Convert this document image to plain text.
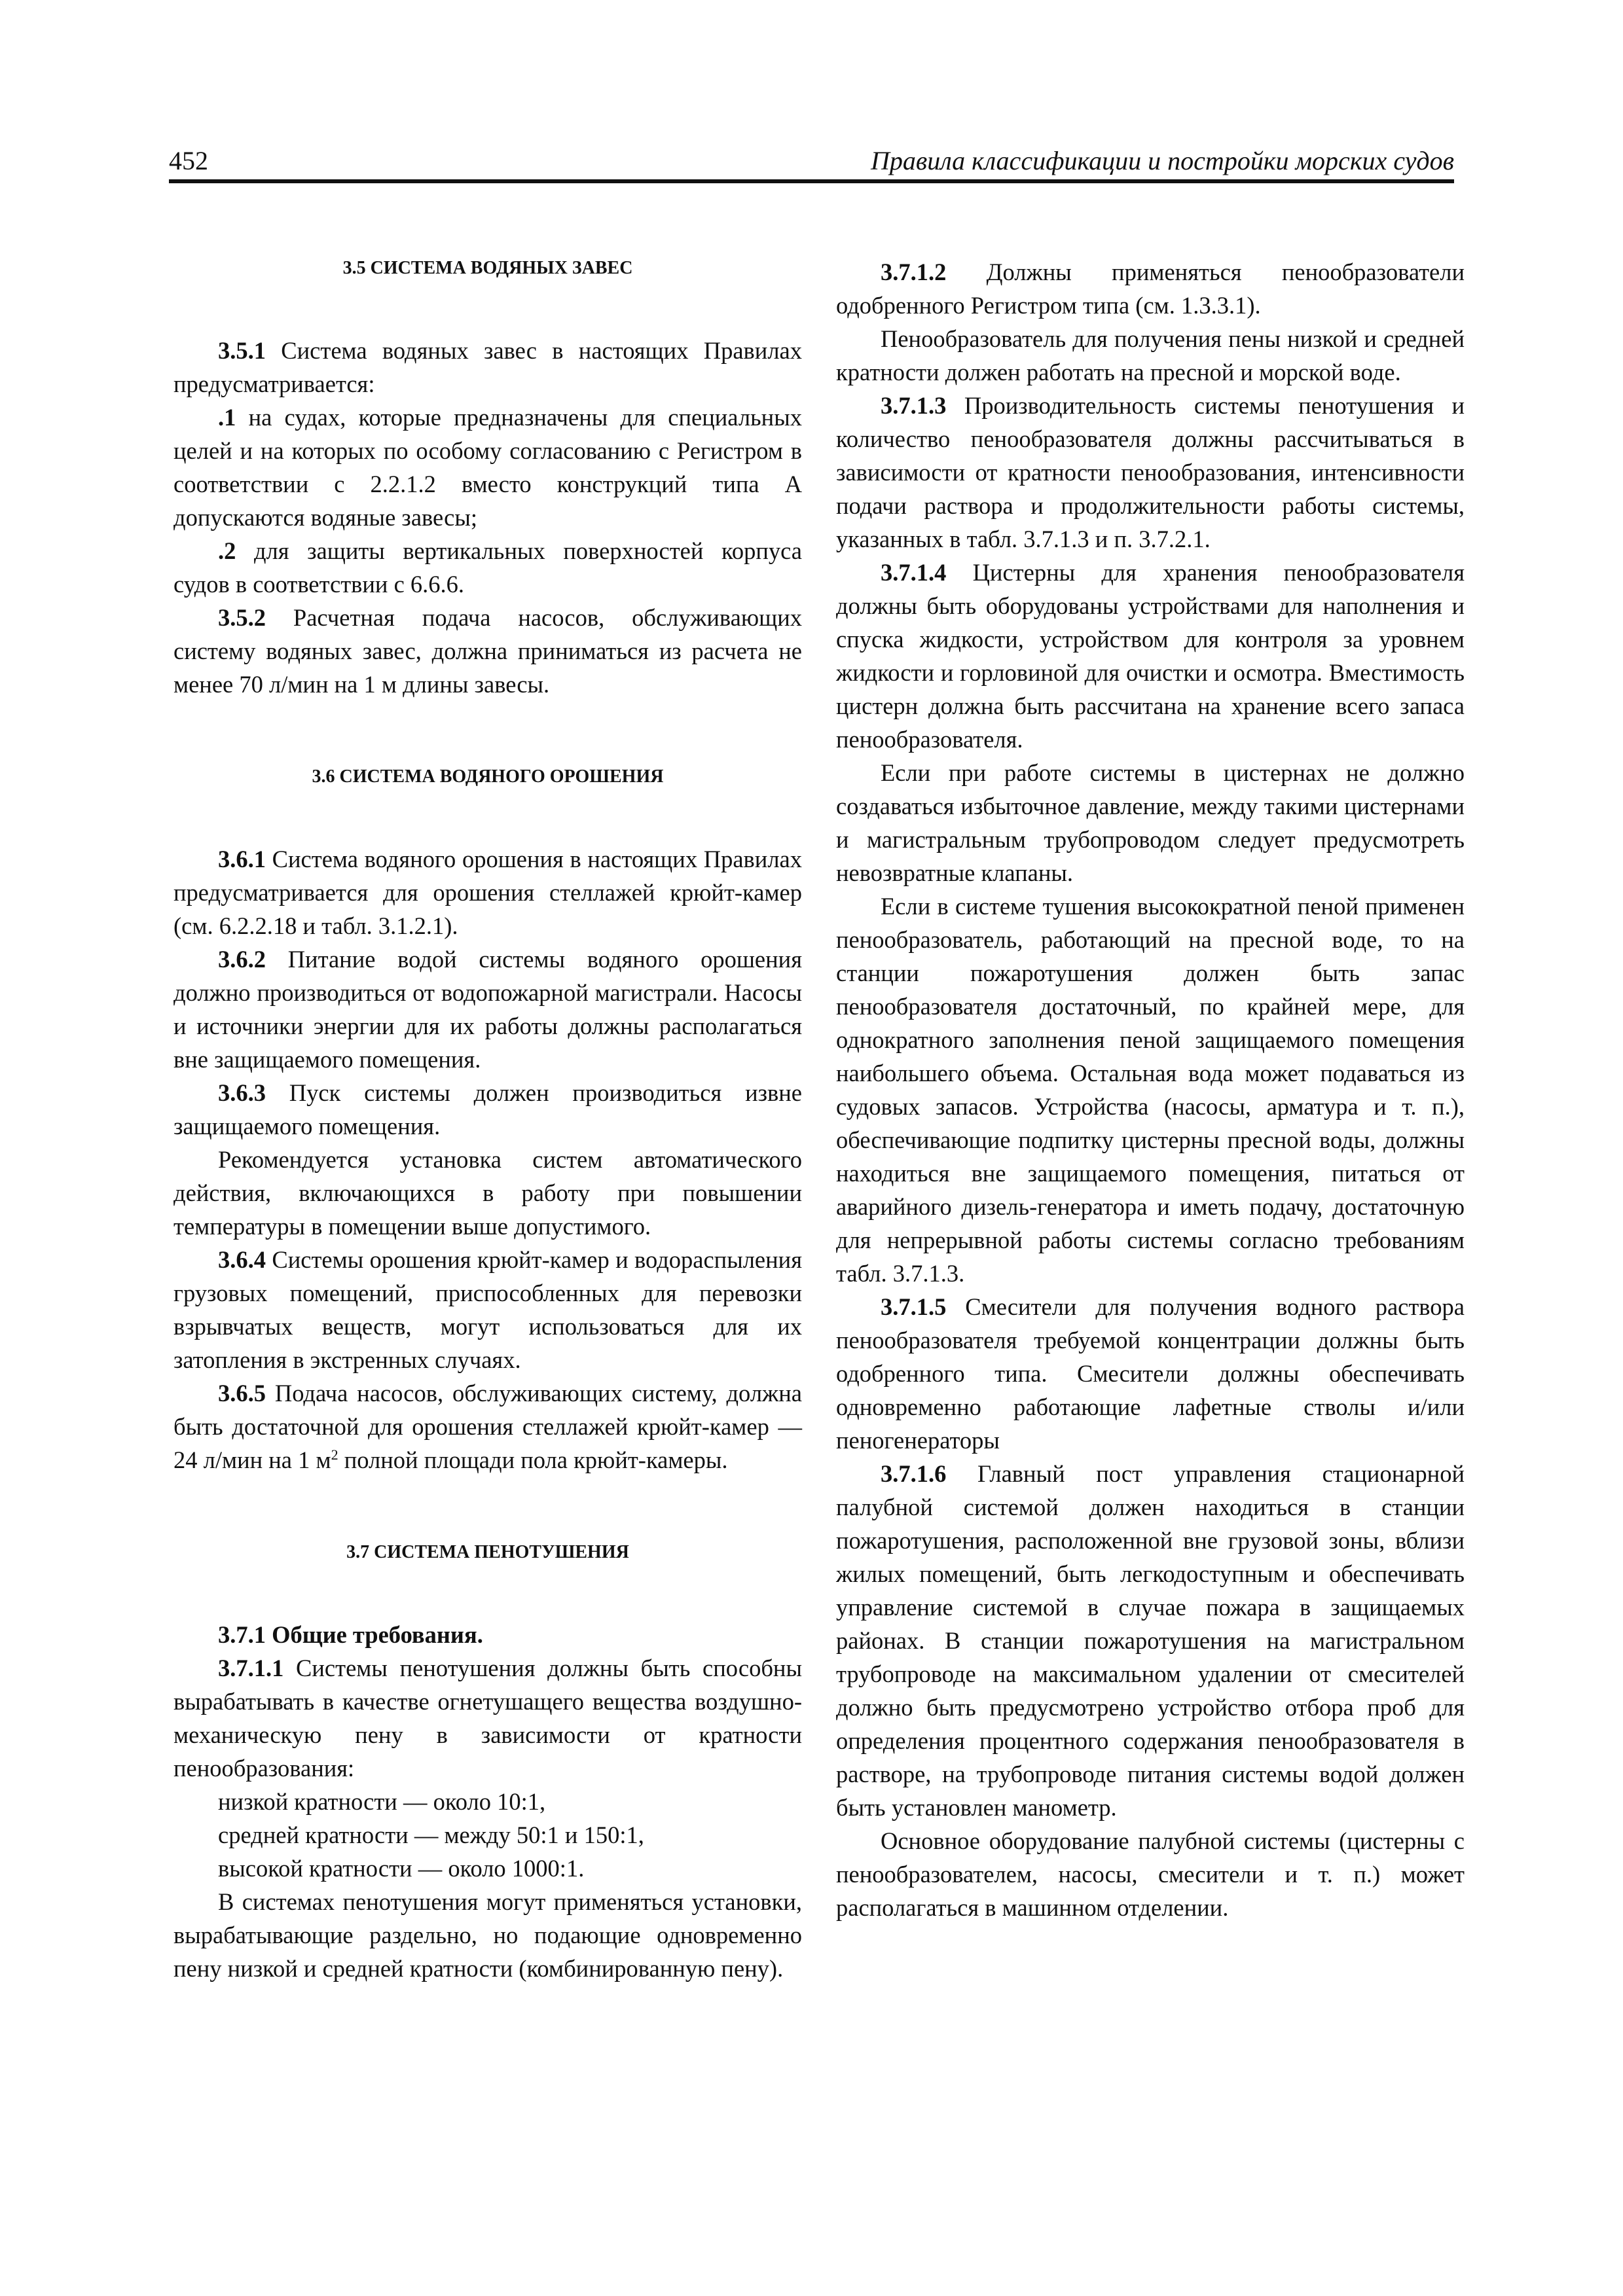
452	Правила классификации и постройки морских судов
3.5 СИСТЕМА ВОДЯНЫХ ЗАВЕС

3.5.1 Система водяных завес в настоящих Правилах предусматривается:

.1 на судах, которые предназначены для специальных целей и на которых по особому согласованию с Регистром в соответствии с 2.2.1.2 вместо конструкций типа А допускаются водяные завесы;

.2 для защиты вертикальных поверхностей корпуса судов в соответствии с 6.6.6.

3.5.2 Расчетная подача насосов, обслуживающих систему водяных завес, должна приниматься из расчета не менее 70 л/мин на 1 м длины завесы.

3.6 СИСТЕМА ВОДЯНОГО ОРОШЕНИЯ

3.6.1 Система водяного орошения в настоящих Правилах предусматривается для орошения стеллажей крюйт-камер (см. 6.2.2.18 и табл. 3.1.2.1).

3.6.2 Питание водой системы водяного орошения должно производиться от водопожарной магистрали. Насосы и источники энергии для их работы должны располагаться вне защищаемого помещения.

3.6.3 Пуск системы должен производиться извне защищаемого помещения.

Рекомендуется установка систем автоматического действия, включающихся в работу при повышении температуры в помещении выше допустимого.

3.6.4 Системы орошения крюйт-камер и водораспыления грузовых помещений, приспособленных для перевозки взрывчатых веществ, могут использоваться для их затопления в экстренных случаях.

3.6.5 Подача насосов, обслуживающих систему, должна быть достаточной для орошения стеллажей крюйт-камер — 24 л/мин на 1 $м^2$ полной площади пола крюйт-камеры.

3.7 СИСТЕМА ПЕНОТУШЕНИЯ

3.7.1 Общие требования.

3.7.1.1 Системы пенотушения должны быть способны вырабатывать в качестве огнетушащего вещества воздушно-механическую пену в зависимости от кратности пенообразования:

низкой кратности — около 10:1,

средней кратности — между 50:1 и 150:1,

высокой кратности — около 1000:1.

В системах пенотушения могут применяться установки, вырабатывающие раздельно, но подающие одновременно пену низкой и средней кратности (комбинированную пену).

3.7.1.2 Должны применяться пенообразователи одобренного Регистром типа (см. 1.3.3.1).

Пенообразователь для получения пены низкой и средней кратности должен работать на пресной и морской воде.

3.7.1.3 Производительность системы пенотушения и количество пенообразователя должны рассчитываться в зависимости от кратности пенообразования, интенсивности подачи раствора и продолжительности работы системы, указанных в табл. 3.7.1.3 и п. 3.7.2.1.

3.7.1.4 Цистерны для хранения пенообразователя должны быть оборудованы устройствами для наполнения и спуска жидкости, устройством для контроля за уровнем жидкости и горловиной для очистки и осмотра. Вместимость цистерн должна быть рассчитана на хранение всего запаса пенообразователя.

Если при работе системы в цистернах не должно создаваться избыточное давление, между такими цистернами и магистральным трубопроводом следует предусмотреть невозвратные клапаны.

Если в системе тушения высокократной пеной применен пенообразователь, работающий на пресной воде, то на станции пожаротушения должен быть запас пенообразователя достаточный, по крайней мере, для однократного заполнения пеной защищаемого помещения наибольшего объема. Остальная вода может подаваться из судовых запасов. Устройства (насосы, арматура и т. п.), обеспечивающие подпитку цистерны пресной воды, должны находиться вне защищаемого помещения, питаться от аварийного дизель-генератора и иметь подачу, достаточную для непрерывной работы системы согласно требованиям табл. 3.7.1.3.

3.7.1.5 Смесители для получения водного раствора пенообразователя требуемой концентрации должны быть одобренного типа. Смесители должны обеспечивать одновременно работающие лафетные стволы и/или пеногенераторы

3.7.1.6 Главный пост управления стационарной палубной системой должен находиться в станции пожаротушения, расположенной вне грузовой зоны, вблизи жилых помещений, быть легкодоступным и обеспечивать управление системой в случае пожара в защищаемых районах. В станции пожаротушения на магистральном трубопроводе на максимальном удалении от смесителей должно быть предусмотрено устройство отбора проб для определения процентного содержания пенообразователя в растворе, на трубопроводе питания системы водой должен быть установлен манометр.

Основное оборудование палубной системы (цистерны с пенообразователем, насосы, смесители и т. п.) может располагаться в машинном отделении.
